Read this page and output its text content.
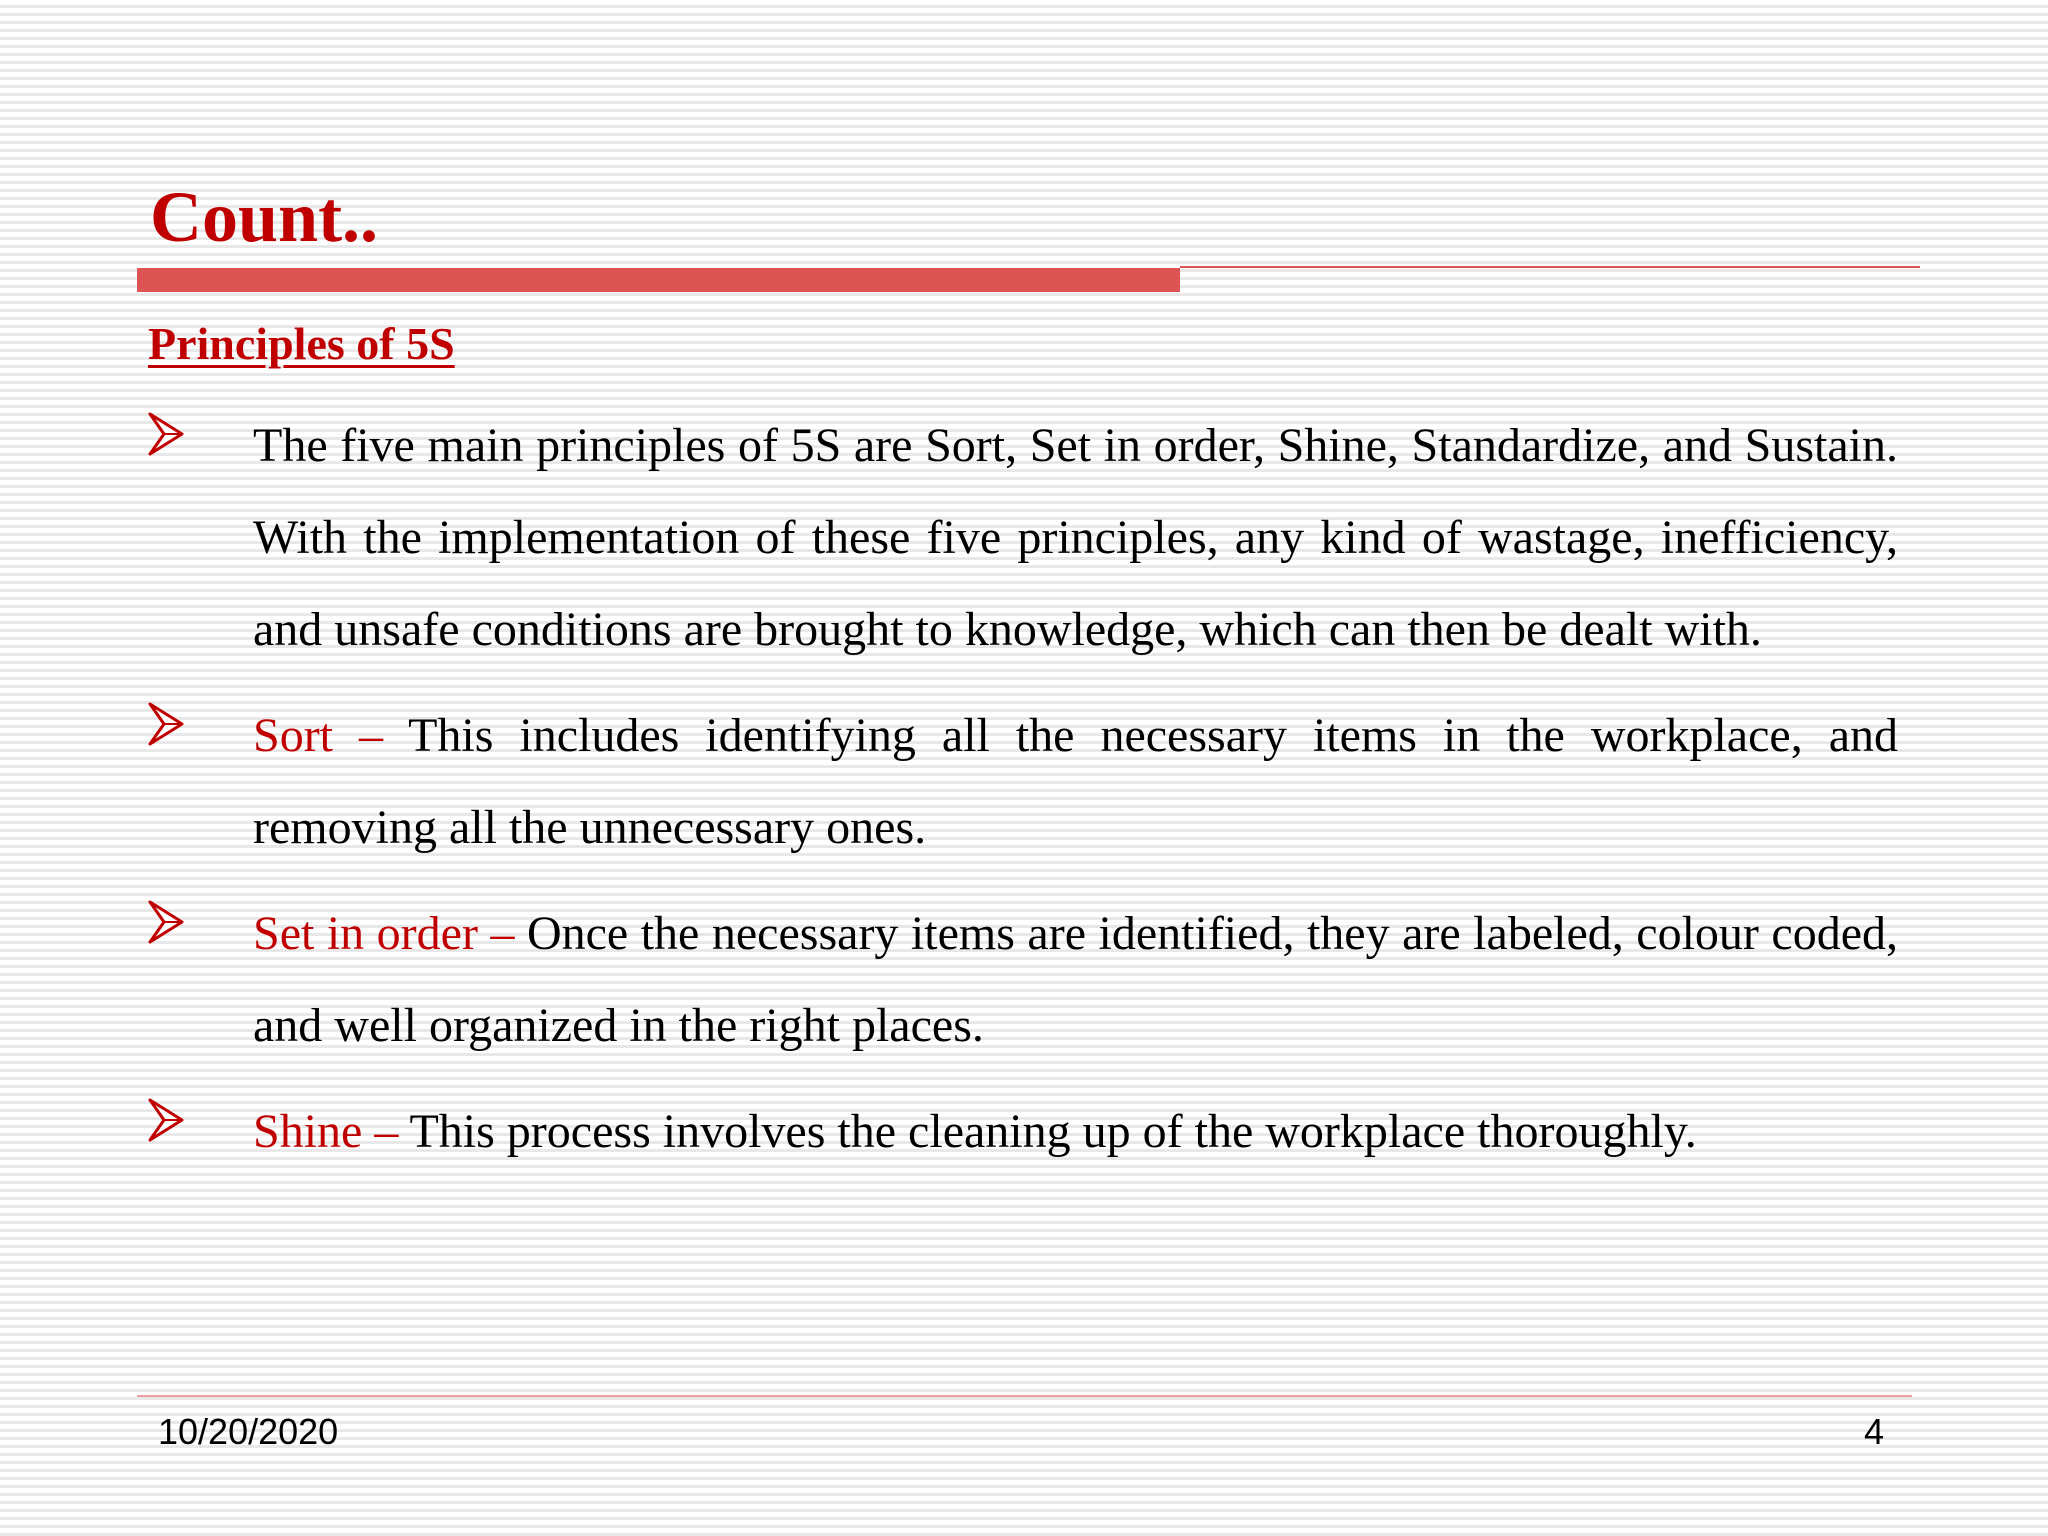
Count..
Principles of 5S

The five main principles of 5S are Sort, Set in order, Shine, Standardize, and Sustain. With the implementation of these five principles, any kind of wastage, inefficiency, and unsafe conditions are brought to knowledge, which can then be dealt with.

Sort – This includes identifying all the necessary items in the workplace, and removing all the unnecessary ones.

Set in order – Once the necessary items are identified, they are labeled, colour coded, and well organized in the right places.

Shine – This process involves the cleaning up of the workplace thoroughly.

10/20/2020	4
